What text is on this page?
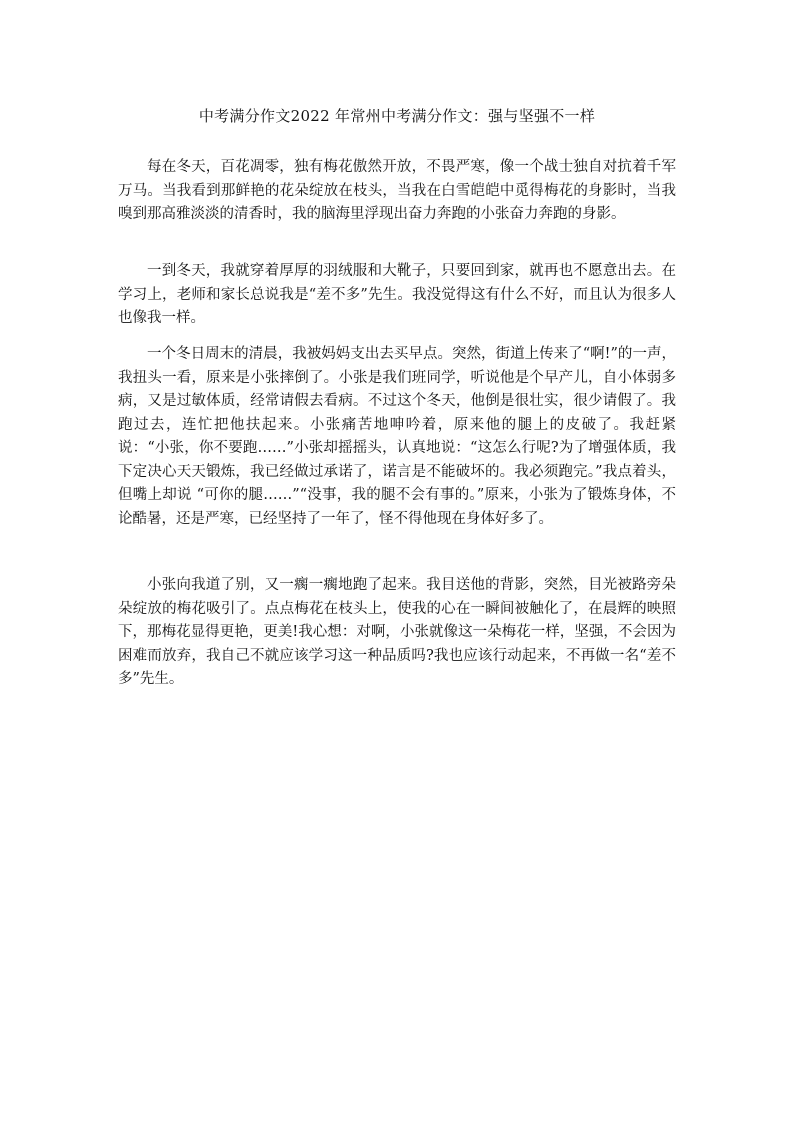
中考满分作文2022 年常州中考满分作文：强与坚强不一样

每在冬天，百花凋零，独有梅花傲然开放，不畏严寒，像一个战士独自对抗着千军万马。当我看到那鲜艳的花朵绽放在枝头，当我在白雪皑皑中觅得梅花的身影时，当我嗅到那高雅淡淡的清香时，我的脑海里浮现出奋力奔跑的小张奋力奔跑的身影。

一到冬天，我就穿着厚厚的羽绒服和大靴子，只要回到家，就再也不愿意出去。在学习上，老师和家长总说我是“差不多”先生。我没觉得这有什么不好，而且认为很多人也像我一样。

一个冬日周末的清晨，我被妈妈支出去买早点。突然，街道上传来了“啊!”的一声，我扭头一看，原来是小张摔倒了。小张是我们班同学，听说他是个早产儿，自小体弱多病，又是过敏体质，经常请假去看病。不过这个冬天，他倒是很壮实，很少请假了。我跑过去，连忙把他扶起来。小张痛苦地呻吟着，原来他的腿上的皮破了。我赶紧说：“小张，你不要跑……”小张却摇摇头，认真地说：“这怎么行呢?为了增强体质，我下定决心天天锻炼，我已经做过承诺了，诺言是不能破坏的。我必须跑完。”我点着头，但嘴上却说 “可你的腿……”“没事，我的腿不会有事的。”原来，小张为了锻炼身体，不论酷暑，还是严寒，已经坚持了一年了，怪不得他现在身体好多了。

小张向我道了别，又一瘸一瘸地跑了起来。我目送他的背影，突然，目光被路旁朵朵绽放的梅花吸引了。点点梅花在枝头上，使我的心在一瞬间被触化了，在晨辉的映照下，那梅花显得更艳，更美!我心想：对啊，小张就像这一朵梅花一样，坚强，不会因为困难而放弃，我自己不就应该学习这一种品质吗?我也应该行动起来，不再做一名“差不多”先生。
